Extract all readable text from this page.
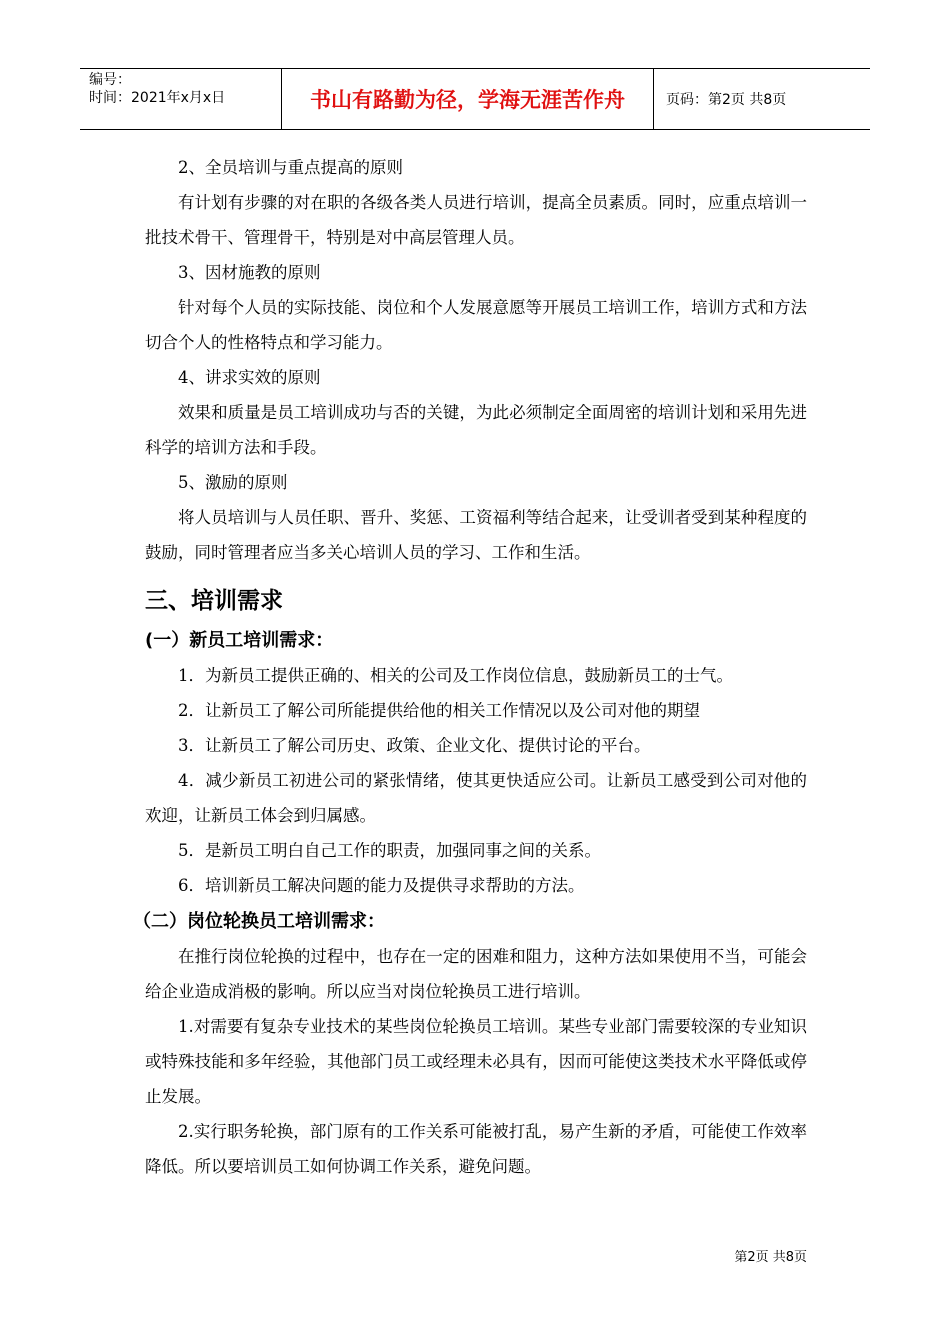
编号：
时间：2021年x月x日	书山有路勤为径，学海无涯苦作舟	页码：第2页 共8页

2、全员培训与重点提高的原则

有计划有步骤的对在职的各级各类人员进行培训，提高全员素质。同时，应重点培训一批技术骨干、管理骨干，特别是对中高层管理人员。

3、因材施教的原则

针对每个人员的实际技能、岗位和个人发展意愿等开展员工培训工作，培训方式和方法切合个人的性格特点和学习能力。

4、讲求实效的原则

效果和质量是员工培训成功与否的关键，为此必须制定全面周密的培训计划和采用先进科学的培训方法和手段。

5、激励的原则

将人员培训与人员任职、晋升、奖惩、工资福利等结合起来，让受训者受到某种程度的鼓励，同时管理者应当多关心培训人员的学习、工作和生活。

三、培训需求
(一）新员工培训需求：

1．为新员工提供正确的、相关的公司及工作岗位信息，鼓励新员工的士气。

2．让新员工了解公司所能提供给他的相关工作情况以及公司对他的期望

3．让新员工了解公司历史、政策、企业文化、提供讨论的平台。

4．减少新员工初进公司的紧张情绪，使其更快适应公司。让新员工感受到公司对他的欢迎，让新员工体会到归属感。

5．是新员工明白自己工作的职责，加强同事之间的关系。

6．培训新员工解决问题的能力及提供寻求帮助的方法。

（二）岗位轮换员工培训需求：

在推行岗位轮换的过程中，也存在一定的困难和阻力，这种方法如果使用不当，可能会给企业造成消极的影响。所以应当对岗位轮换员工进行培训。

1.对需要有复杂专业技术的某些岗位轮换员工培训。某些专业部门需要较深的专业知识或特殊技能和多年经验，其他部门员工或经理未必具有，因而可能使这类技术水平降低或停止发展。

2.实行职务轮换，部门原有的工作关系可能被打乱，易产生新的矛盾，可能使工作效率降低。所以要培训员工如何协调工作关系，避免问题。

第2页 共8页
